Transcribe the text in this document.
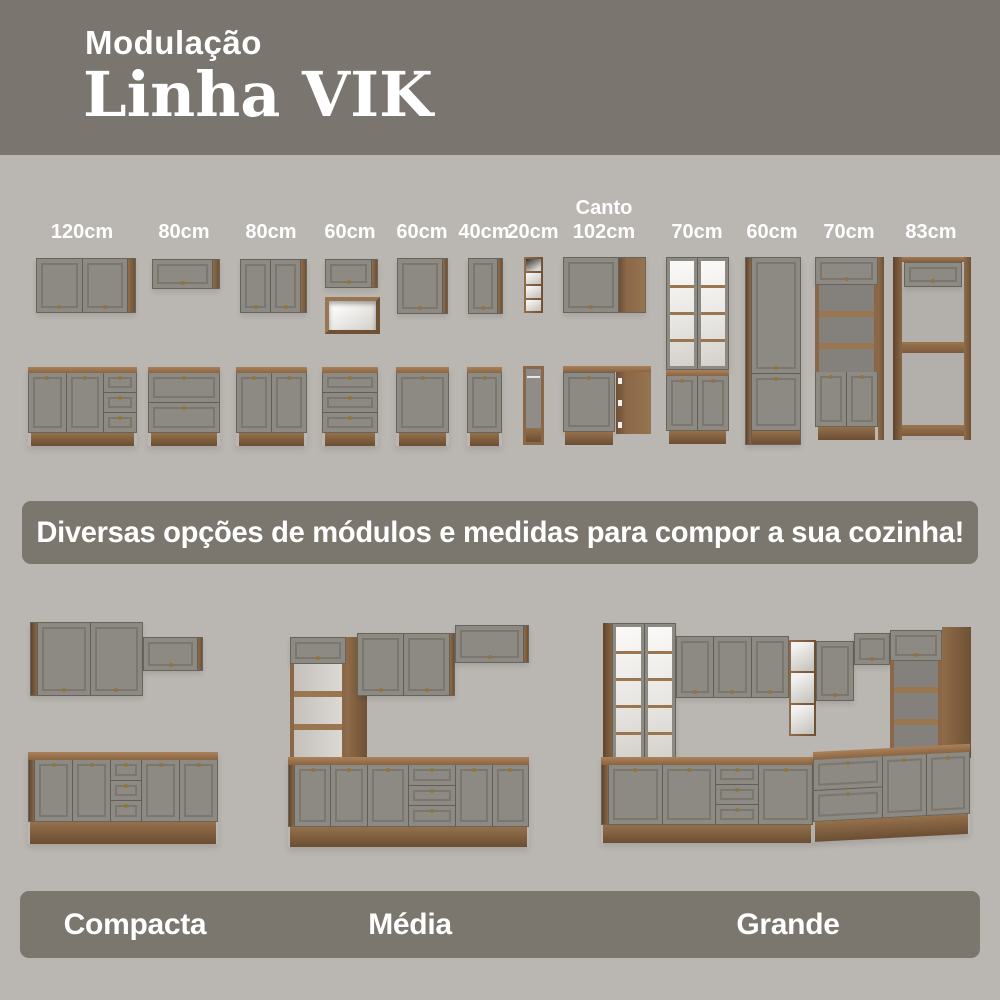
Modulação
Linha VIK
120cm	80cm	80cm	60cm	60cm 40cm
20cm
Canto
102cm	70cm	60cm	70cm	83cm
Diversas opções de módulos e medidas para compor a sua cozinha!
Compacta	Média	Grande
